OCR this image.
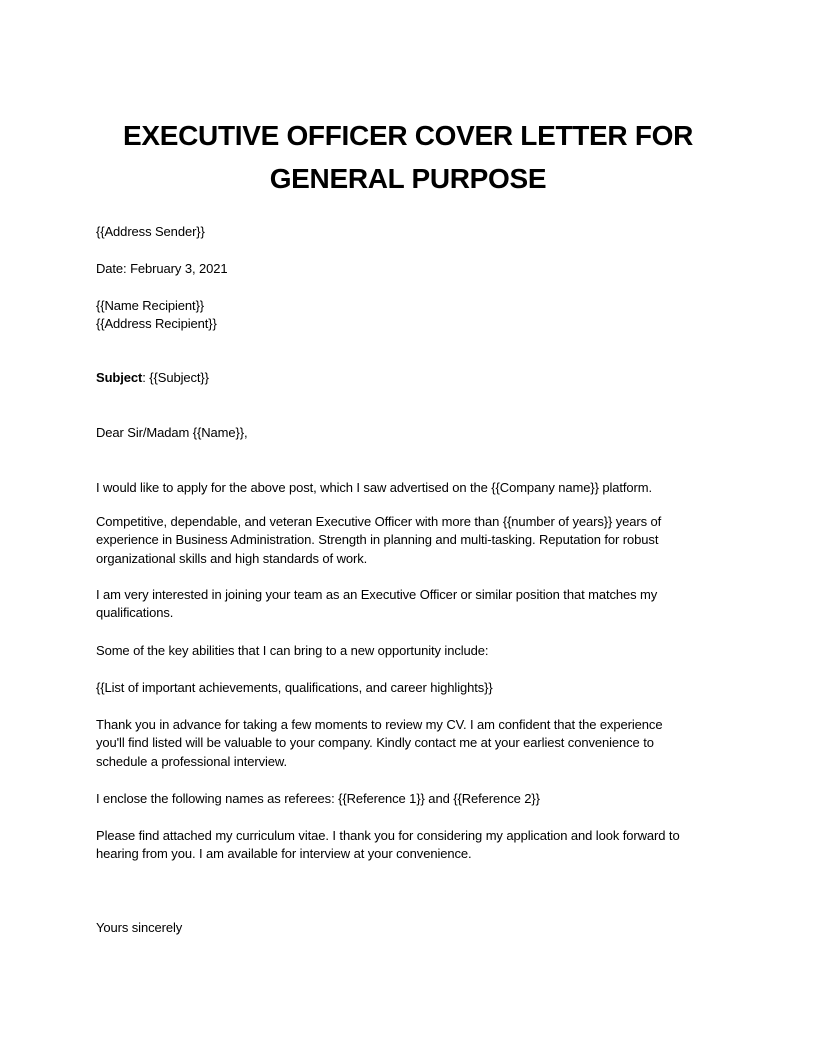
EXECUTIVE OFFICER COVER LETTER FOR
GENERAL PURPOSE

{{Address Sender}}

Date: February 3, 2021

{{Name Recipient}}
{{Address Recipient}}

Subject: {{Subject}}

Dear Sir/Madam {{Name}},

I would like to apply for the above post, which I saw advertised on the {{Company name}} platform.

Competitive, dependable, and veteran Executive Officer with more than {{number of years}} years of
experience in Business Administration. Strength in planning and multi-tasking. Reputation for robust
organizational skills and high standards of work.

I am very interested in joining your team as an Executive Officer or similar position that matches my
qualifications.

Some of the key abilities that I can bring to a new opportunity include:

{{List of important achievements, qualifications, and career highlights}}

Thank you in advance for taking a few moments to review my CV. I am confident that the experience
you'll find listed will be valuable to your company. Kindly contact me at your earliest convenience to
schedule a professional interview.

I enclose the following names as referees: {{Reference 1}} and {{Reference 2}}

Please find attached my curriculum vitae. I thank you for considering my application and look forward to
hearing from you. I am available for interview at your convenience.

Yours sincerely
